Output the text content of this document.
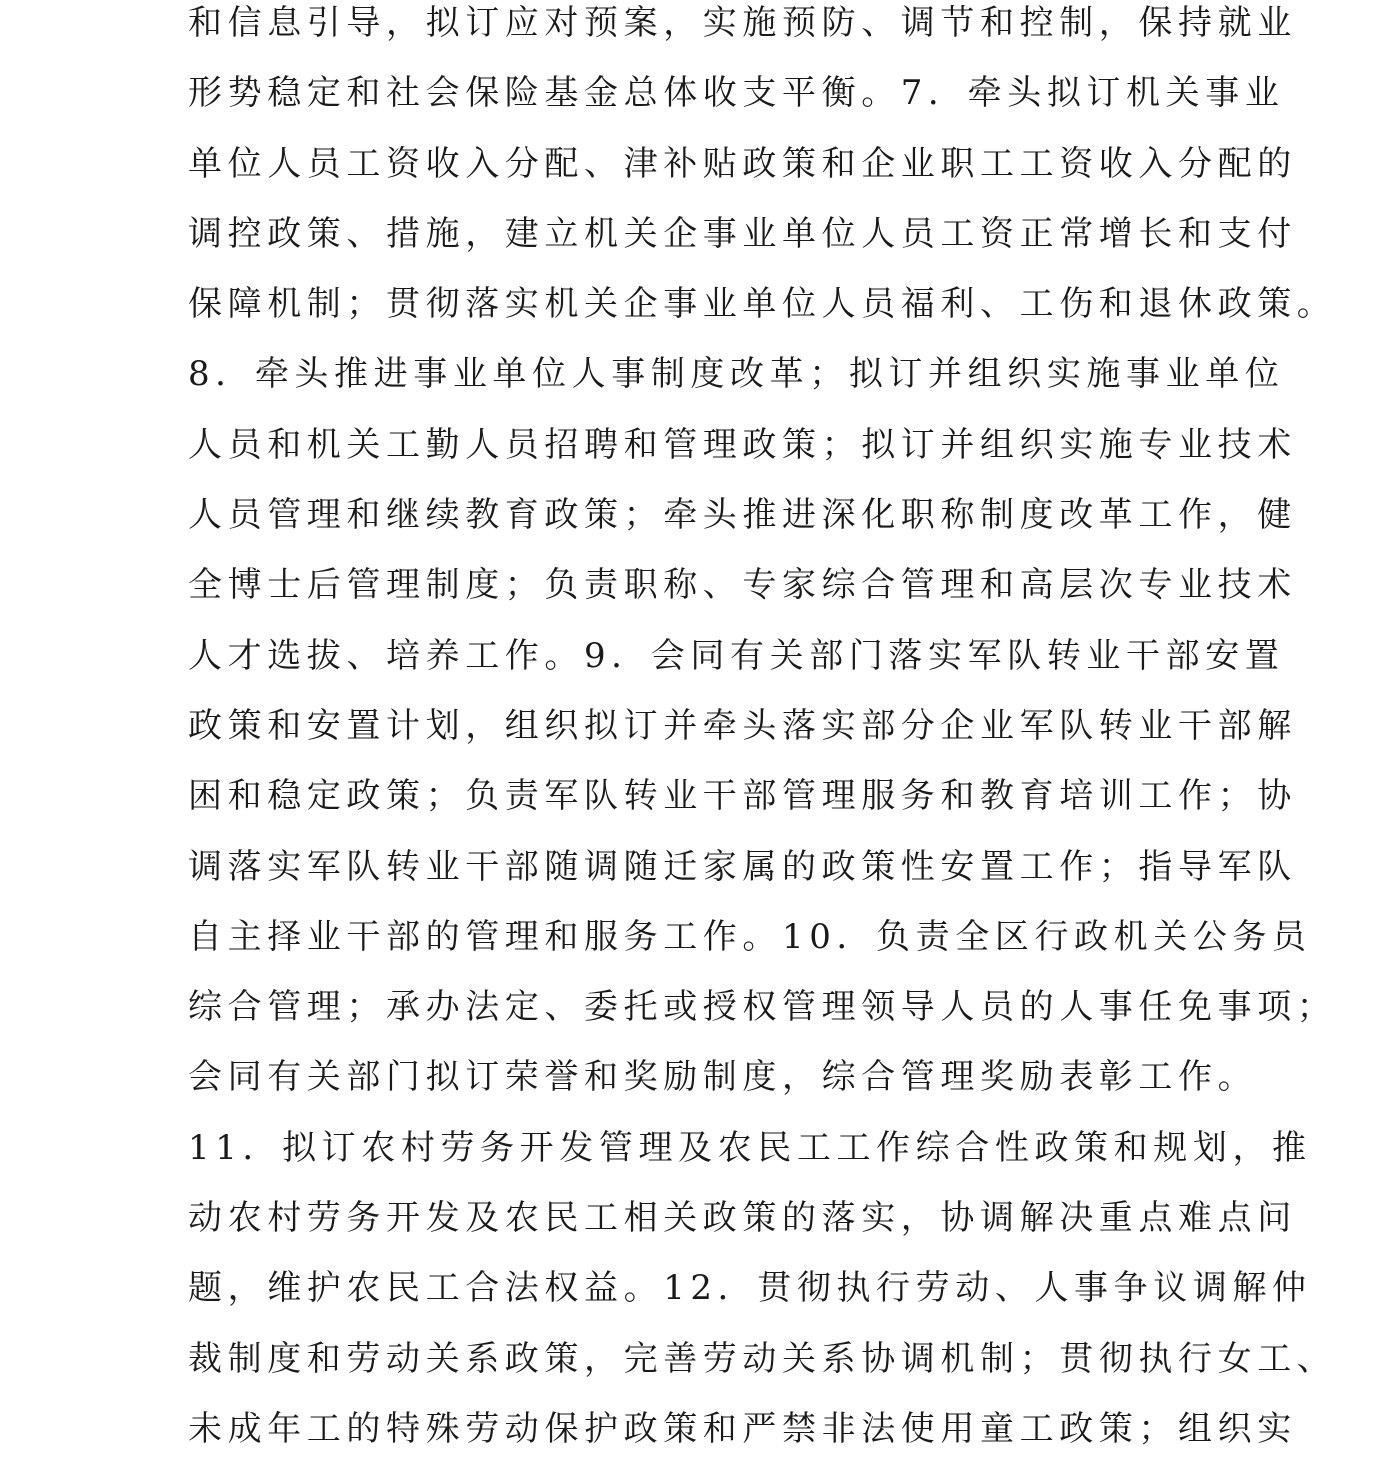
和信息引导，拟订应对预案，实施预防、调节和控制，保持就业
形势稳定和社会保险基金总体收支平衡。7．牵头拟订机关事业
单位人员工资收入分配、津补贴政策和企业职工工资收入分配的
调控政策、措施，建立机关企事业单位人员工资正常增长和支付
保障机制；贯彻落实机关企事业单位人员福利、工伤和退休政策。
8．牵头推进事业单位人事制度改革；拟订并组织实施事业单位
人员和机关工勤人员招聘和管理政策；拟订并组织实施专业技术
人员管理和继续教育政策；牵头推进深化职称制度改革工作，健
全博士后管理制度；负责职称、专家综合管理和高层次专业技术
人才选拔、培养工作。9．会同有关部门落实军队转业干部安置
政策和安置计划，组织拟订并牵头落实部分企业军队转业干部解
困和稳定政策；负责军队转业干部管理服务和教育培训工作；协
调落实军队转业干部随调随迁家属的政策性安置工作；指导军队
自主择业干部的管理和服务工作。10．负责全区行政机关公务员
综合管理；承办法定、委托或授权管理领导人员的人事任免事项；
会同有关部门拟订荣誉和奖励制度，综合管理奖励表彰工作。
11．拟订农村劳务开发管理及农民工工作综合性政策和规划，推
动农村劳务开发及农民工相关政策的落实，协调解决重点难点问
题，维护农民工合法权益。12．贯彻执行劳动、人事争议调解仲
裁制度和劳动关系政策，完善劳动关系协调机制；贯彻执行女工、
未成年工的特殊劳动保护政策和严禁非法使用童工政策；组织实
